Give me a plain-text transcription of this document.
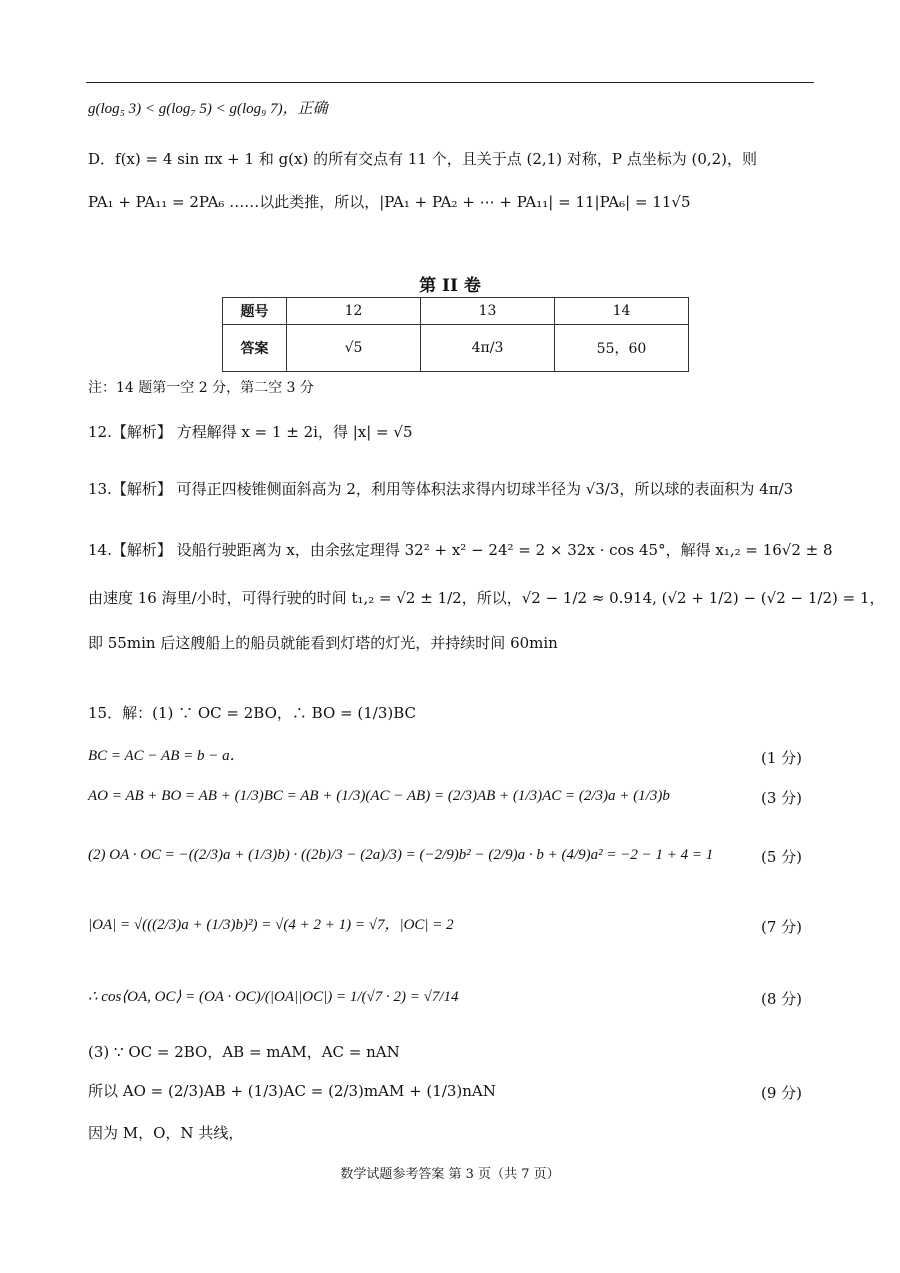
g(log₅ 3) < g(log₇ 5) < g(log₉ 7)，正确
D．f(x) = 4 sin πx + 1 和 g(x) 的所有交点有 11 个，且关于点 (2,1) 对称，P 点坐标为 (0,2)，则
PA₁ + PA₁₁ = 2PA₆ ……以此类推，所以，|PA₁ + PA₂ + ⋯ + PA₁₁| = 11|PA₆| = 11√5
第 II 卷
题号	12	13	14
答案	√5	4π/3	55，60
注：14 题第一空 2 分，第二空 3 分
12.【解析】 方程解得 x = 1 ± 2i，得 |x| = √5
13.【解析】 可得正四棱锥侧面斜高为 2，利用等体积法求得内切球半径为 √3/3，所以球的表面积为 4π/3
14.【解析】 设船行驶距离为 x，由余弦定理得 32² + x² − 24² = 2 × 32x · cos 45°，解得 x₁,₂ = 16√2 ± 8
由速度 16 海里/小时，可得行驶的时间 t₁,₂ = √2 ± 1/2，所以，√2 − 1/2 ≈ 0.914, (√2 + 1/2) − (√2 − 1/2) = 1，
即 55min 后这艘船上的船员就能看到灯塔的灯光，并持续时间 60min
15．解：(1) ∵ OC = 2BO，∴ BO = (1/3)BC
BC = AC − AB = b − a．	(1 分)
AO = AB + BO = AB + (1/3)BC = AB + (1/3)(AC − AB) = (2/3)AB + (1/3)AC = (2/3)a + (1/3)b	(3 分)
(2) OA · OC = −((2/3)a + (1/3)b) · ((2b)/3 − (2a)/3) = (−2/9)b² − (2/9)a · b + (4/9)a² = −2 − 1 + 4 = 1	(5 分)
|OA| = √(((2/3)a + (1/3)b)²) = √(4 + 2 + 1) = √7，|OC| = 2	(7 分)
∴ cos⟨OA, OC⟩ = (OA · OC)/(|OA||OC|) = 1/(√7 · 2) = √7/14	(8 分)
(3) ∵ OC = 2BO，AB = mAM，AC = nAN
所以 AO = (2/3)AB + (1/3)AC = (2/3)mAM + (1/3)nAN	(9 分)
因为 M，O，N 共线，
数学试题参考答案 第 3 页（共 7 页）
